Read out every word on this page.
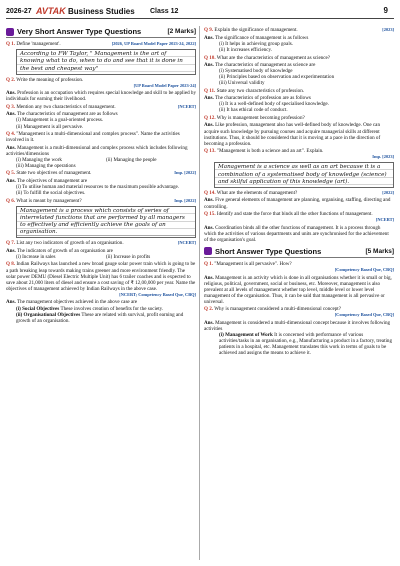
2026-27 AVTAK Business Studies Class 12	9
Very Short Answer Type Questions	[2 Marks]
Q 1. Define 'management'.	[2026, UP Board Model Paper 2023-24, 2022]
According to FW Taylor, " Management is the art of knowing what to do, when to do and see that it is done in the best and cheapest way"
Q 2. Write the meaning of profession.
[UP Board Model Paper 2023-24]
Ans. Profession is an occupation which requires special knowledge and skill to be applied by individuals for earning their livelihood.
Q 3. Mention any two characteristics of management.	[NCERT]
Ans. The characteristics of management are as follows
(i) Management is a goal-oriented process.
(ii) Management is all pervasive.
Q 4. "Management is a multi-dimensional and complex process". Name the activities involved in it.
Ans. Management is a multi-dimensional and complex process which includes following activities/dimensions
(i) Managing the work	(ii) Managing the people
(iii) Managing the operations
Q 5. State two objectives of management.	Imp. [2022]
Ans. The objectives of management are
(i) To utilise human and material resources to the maximum possible advantage.
(ii) To fulfill the social objectives.
Q 6. What is meant by management?	Imp. [2022]
Management is a process which consists of series of interrelated functions that are performed by all managers to effectively and efficiently achieve the goals of an organisation.
Q 7. List any two indicators of growth of an organisation.	[NCERT]
Ans. The indicators of growth of an organisation are
(i) Increase in sales	(ii) Increase in profits
Q 8. Indian Railways has launched a new broad gauge solar power train which is going to be a path breaking leap towards making trains greener and more environment friendly. The solar power DEMU (Diesel Electric Multiple Unit) has 6 trailer coaches and is expected to save about 21,000 liters of diesel and ensure a cost saving of ₹ 12,00,000 per year. Name the objectives of management achieved by Indian Railways in the above case.
[NCERT; Competency Based Que, CBQ]
Ans. The management objectives achieved in the above case are
(i) Social Objectives These involves creation of benefits for the society.
(ii) Organisational Objectives These are related with survival, profit earning and growth of an organisation.
Q 9. Explain the significance of management.	[2023]
Ans. The significance of management is as follows
(i) It helps in achieving group goals.
(ii) It increases efficiency.
Q 10. What are the characteristics of management as science?
Ans. The characteristics of management as science are
(i) Systematised body of knowledge
(ii) Principles based on observation and experimentation
(iii) Universal validity
Q 11. State any two characteristics of profession.
Ans. The characteristics of profession are as follows
(i) It is a well-defined body of specialised knowledge.
(ii) It has ethical code of conduct.
Q 12. Why is management becoming profession?
Ans. Like profession, management also has well-defined body of knowledge. One can acquire such knowledge by pursuing courses and acquire managerial skills at different institutions. Thus, it should be considered that it is moving at a pace in the direction of becoming a profession.
Q 13. "Management is both a science and an art". Explain.
Imp. [2023]
Management is a science as well as an art because it is a combination of a systematised body of knowledge (science) and skilful application of this knowledge (art).
Q 14. What are the elements of management?	[2022]
Ans. Five general elements of management are planning, organising, staffing, directing and controlling.
Q 15. Identify and state the force that binds all the other functions of management.
[NCERT]
Ans. Coordination binds all the other functions of management. It is a process through which the activities of various departments and units are synchronised for the achievement of the organisation's goal.
Short Answer Type Questions	[5 Marks]
Q 1. "Management is all pervasive". How?
[Competency Based Que, CBQ]
Ans. Management is an activity which is done in all organisations whether it is small or big, religious, political, government, social or business, etc. Moreover, management is also prevalent at all levels of management whether top level, middle level or lower level management of the organisation. Thus, it can be said that management is all pervasive or universal.
Q 2. Why is management considered a multi-dimensional concept?
[Competency Based Que, CBQ]
Ans. Management is considered a multi-dimensional concept because it involves following activities
(i) Management of Work It is concerned with performance of various activities/tasks in an organisation, e.g., Manufacturing a product in a factory, treating patients in a hospital, etc. Management translates this work in terms of goals to be achieved and assigns the means to achieve it.
